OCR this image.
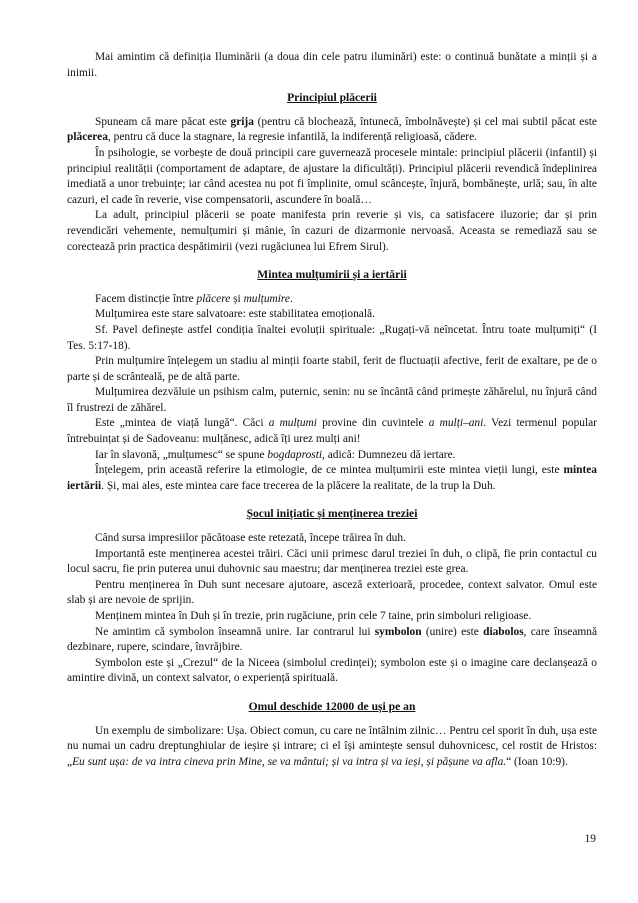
Mai amintim că definiția Iluminării (a doua din cele patru iluminări) este: o continuă bunătate a minții și a inimii.

Principiul plăcerii

Spuneam că mare păcat este grija (pentru că blochează, întunecă, îmbolnăvește) și cel mai subtil păcat este plăcerea, pentru că duce la stagnare, la regresie infantilă, la indiferență religioasă, cădere.

În psihologie, se vorbește de două principii care guvernează procesele mintale: principiul plăcerii (infantil) și principiul realității (comportament de adaptare, de ajustare la dificultăți). Principiul plăcerii revendică îndeplinirea imediată a unor trebuințe; iar când acestea nu pot fi împlinite, omul scâncește, înjură, bombănește, urlă; sau, în alte cazuri, el cade în reverie, vise compensatorii, ascundere în boală…

La adult, principiul plăcerii se poate manifesta prin reverie și vis, ca satisfacere iluzorie; dar și prin revendicări vehemente, nemulțumiri și mânie, în cazuri de dizarmonie nervoasă. Aceasta se remediază sau se corectează prin practica despătimirii (vezi rugăciunea lui Efrem Sirul).

Mintea mulțumirii și a iertării

Facem distincție între plăcere și mulțumire.

Mulțumirea este stare salvatoare: este stabilitatea emoțională.

Sf. Pavel definește astfel condiția înaltei evoluții spirituale: „Rugați-vă neîncetat. Întru toate mulțumiți“ (I Tes. 5:17-18).

Prin mulțumire înțelegem un stadiu al minții foarte stabil, ferit de fluctuații afective, ferit de exaltare, pe de o parte și de scrânteală, pe de altă parte.

Mulțumirea dezvăluie un psihism calm, puternic, senin: nu se încântă când primește zăhărelul, nu înjură când îl frustrezi de zăhărel.

Este „mintea de viață lungă“. Căci a mulțumi provine din cuvintele a mulți–ani. Vezi termenul popular întrebuințat și de Sadoveanu: mulțănesc, adică îți urez mulți ani!

Iar în slavonă, „mulțumesc“ se spune bogdaprosti, adică: Dumnezeu dă iertare.

Înțelegem, prin această referire la etimologie, de ce mintea mulțumirii este mintea vieții lungi, este mintea iertării. Și, mai ales, este mintea care face trecerea de la plăcere la realitate, de la trup la Duh.

Șocul inițiatic și menținerea treziei

Când sursa impresiilor păcătoase este retezată, începe trăirea în duh.

Importantă este menținerea acestei trăiri. Căci unii primesc darul treziei în duh, o clipă, fie prin contactul cu locul sacru, fie prin puterea unui duhovnic sau maestru; dar menținerea treziei este grea.

Pentru menținerea în Duh sunt necesare ajutoare, asceză exterioară, procedee, context salvator. Omul este slab și are nevoie de sprijin.

Menținem mintea în Duh și în trezie, prin rugăciune, prin cele 7 taine, prin simboluri religioase.

Ne amintim că symbolon înseamnă unire. Iar contrarul lui symbolon (unire) este diabolos, care înseamnă dezbinare, rupere, scindare, învrăjbire.

Symbolon este și „Crezul“ de la Niceea (simbolul credinței); symbolon este și o imagine care declanșează o amintire divină, un context salvator, o experiență spirituală.

Omul deschide 12000 de uși pe an

Un exemplu de simbolizare: Ușa. Obiect comun, cu care ne întâlnim zilnic… Pentru cel sporit în duh, ușa este nu numai un cadru dreptunghiular de ieșire și intrare; ci el își amintește sensul duhovnicesc, cel rostit de Hristos: „Eu sunt ușa: de va intra cineva prin Mine, se va mântui; și va intra și va ieși, și pășune va afla.“ (Ioan 10:9).

19
